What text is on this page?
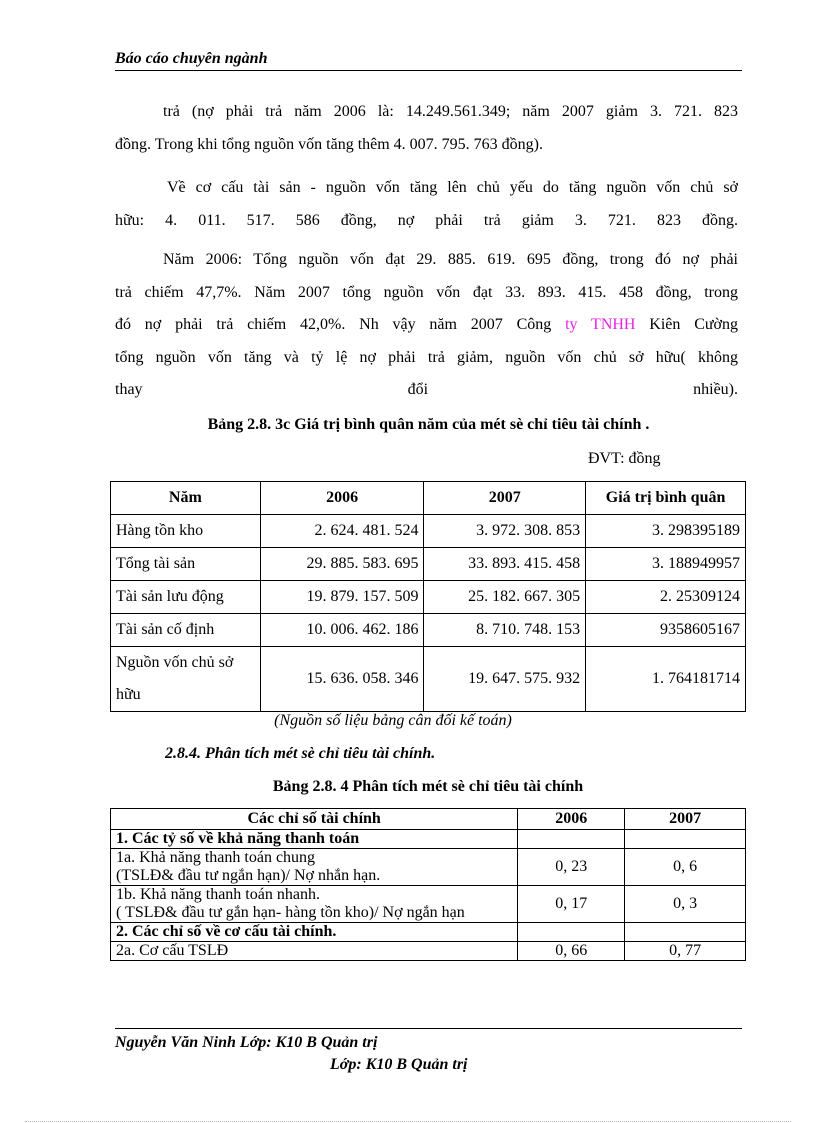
Báo cáo chuyên ngành
trả (nợ phải trả năm 2006 là: 14.249.561.349; năm 2007 giảm 3. 721. 823
đồng. Trong khi tổng nguồn vốn tăng thêm 4. 007. 795. 763 đồng).
Về cơ cấu tài sản - nguồn vốn tăng lên chủ yếu do tăng nguồn vốn chủ sở
hữu: 4. 011. 517. 586 đồng, nợ phải trả giảm 3. 721. 823 đồng.
Năm 2006: Tổng nguồn vốn đạt 29. 885. 619. 695 đồng, trong đó nợ phải
trả chiếm 47,7%. Năm 2007 tổng nguồn vốn đạt 33. 893. 415. 458 đồng, trong
đó nợ phải trả chiếm 42,0%. Nh vậy năm 2007 Công ty TNHH Kiên Cường
tổng nguồn vốn tăng và tỷ lệ nợ phải trả giảm, nguồn vốn chủ sở hữu( không
thay đổi nhiều).
Bảng 2.8. 3c Giá trị bình quân năm của mét sè chỉ tiêu tài chính .
ĐVT: đồng
Năm	2006	2007	Giá trị bình quân
Hàng tồn kho	2. 624. 481. 524	3. 972. 308. 853	3. 298395189
Tổng tài sản	29. 885. 583. 695	33. 893. 415. 458	3. 188949957
Tài sản lưu động	19. 879. 157. 509	25. 182. 667. 305	2. 25309124
Tài sản cố định	10. 006. 462. 186	8. 710. 748. 153	9358605167
Nguồn vốn chủ sở hữu	15. 636. 058. 346	19. 647. 575. 932	1. 764181714
(Nguồn số liệu bảng cân đối kế toán)
2.8.4. Phân tích mét sè chỉ tiêu tài chính.
Bảng 2.8. 4 Phân tích mét sè chỉ tiêu tài chính
Các chỉ số tài chính	2006	2007
1. Các tỷ số về khả năng thanh toán		

1a. Khả năng thanh toán chung
(TSLĐ& đầu tư ngắn hạn)/ Nợ nhắn hạn.	0, 23	0, 6

1b. Khả năng thanh toán nhanh.
( TSLĐ& đầu tư gắn hạn- hàng tồn kho)/ Nợ ngắn hạn	0, 17	0, 3
2. Các chỉ số về cơ cấu tài chính.		
2a. Cơ cấu TSLĐ	0, 66	0, 77
Nguyễn Văn Ninh Lớp: K10 B Quản trị
Lớp: K10 B Quản trị
